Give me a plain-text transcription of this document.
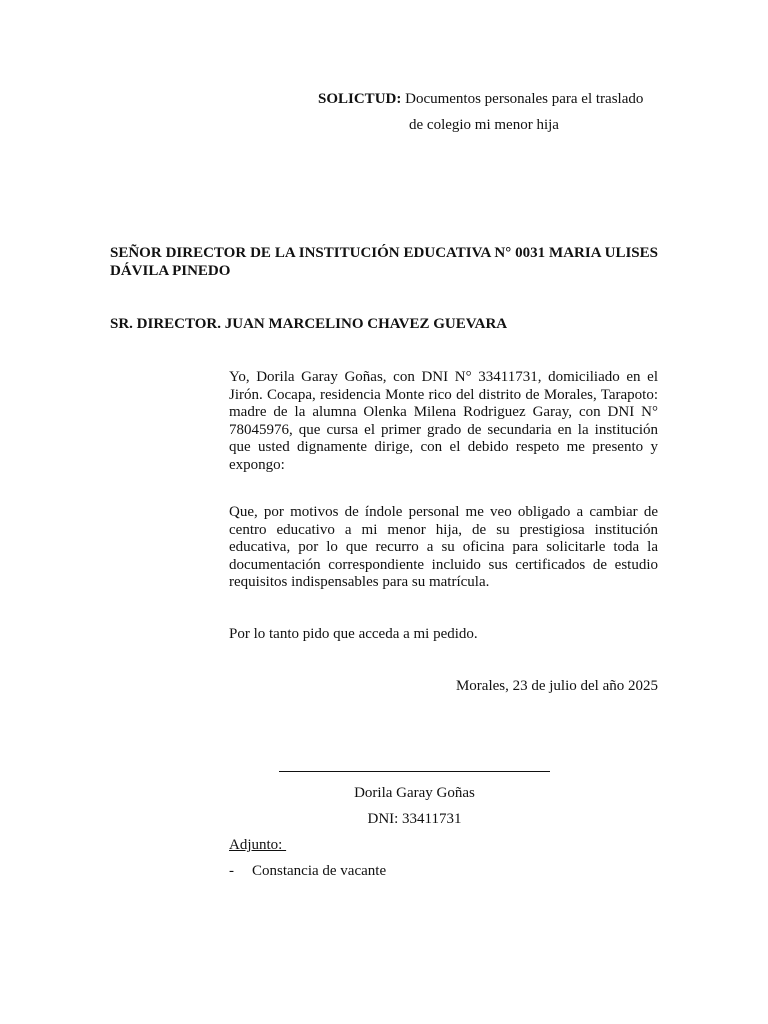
SOLICTUD: Documentos personales para el traslado
de colegio mi menor hija
SEÑOR DIRECTOR DE LA INSTITUCIÓN EDUCATIVA N° 0031 MARIA ULISES DÁVILA PINEDO
SR. DIRECTOR. JUAN MARCELINO CHAVEZ GUEVARA
Yo, Dorila Garay Goñas, con DNI N° 33411731, domiciliado en el Jirón. Cocapa, residencia Monte rico del distrito de Morales, Tarapoto: madre de la alumna Olenka Milena Rodriguez Garay, con DNI N° 78045976, que cursa el primer grado de secundaria en la institución que usted dignamente dirige, con el debido respeto me presento y expongo:
Que, por motivos de índole personal me veo obligado a cambiar de centro educativo a mi menor hija, de su prestigiosa institución educativa, por lo que recurro a su oficina para solicitarle toda la documentación correspondiente incluido sus certificados de estudio requisitos indispensables para su matrícula.
Por lo tanto pido que acceda a mi pedido.
Morales, 23 de julio del año 2025
Dorila Garay Goñas
DNI: 33411731
Adjunto:
- Constancia de vacante
